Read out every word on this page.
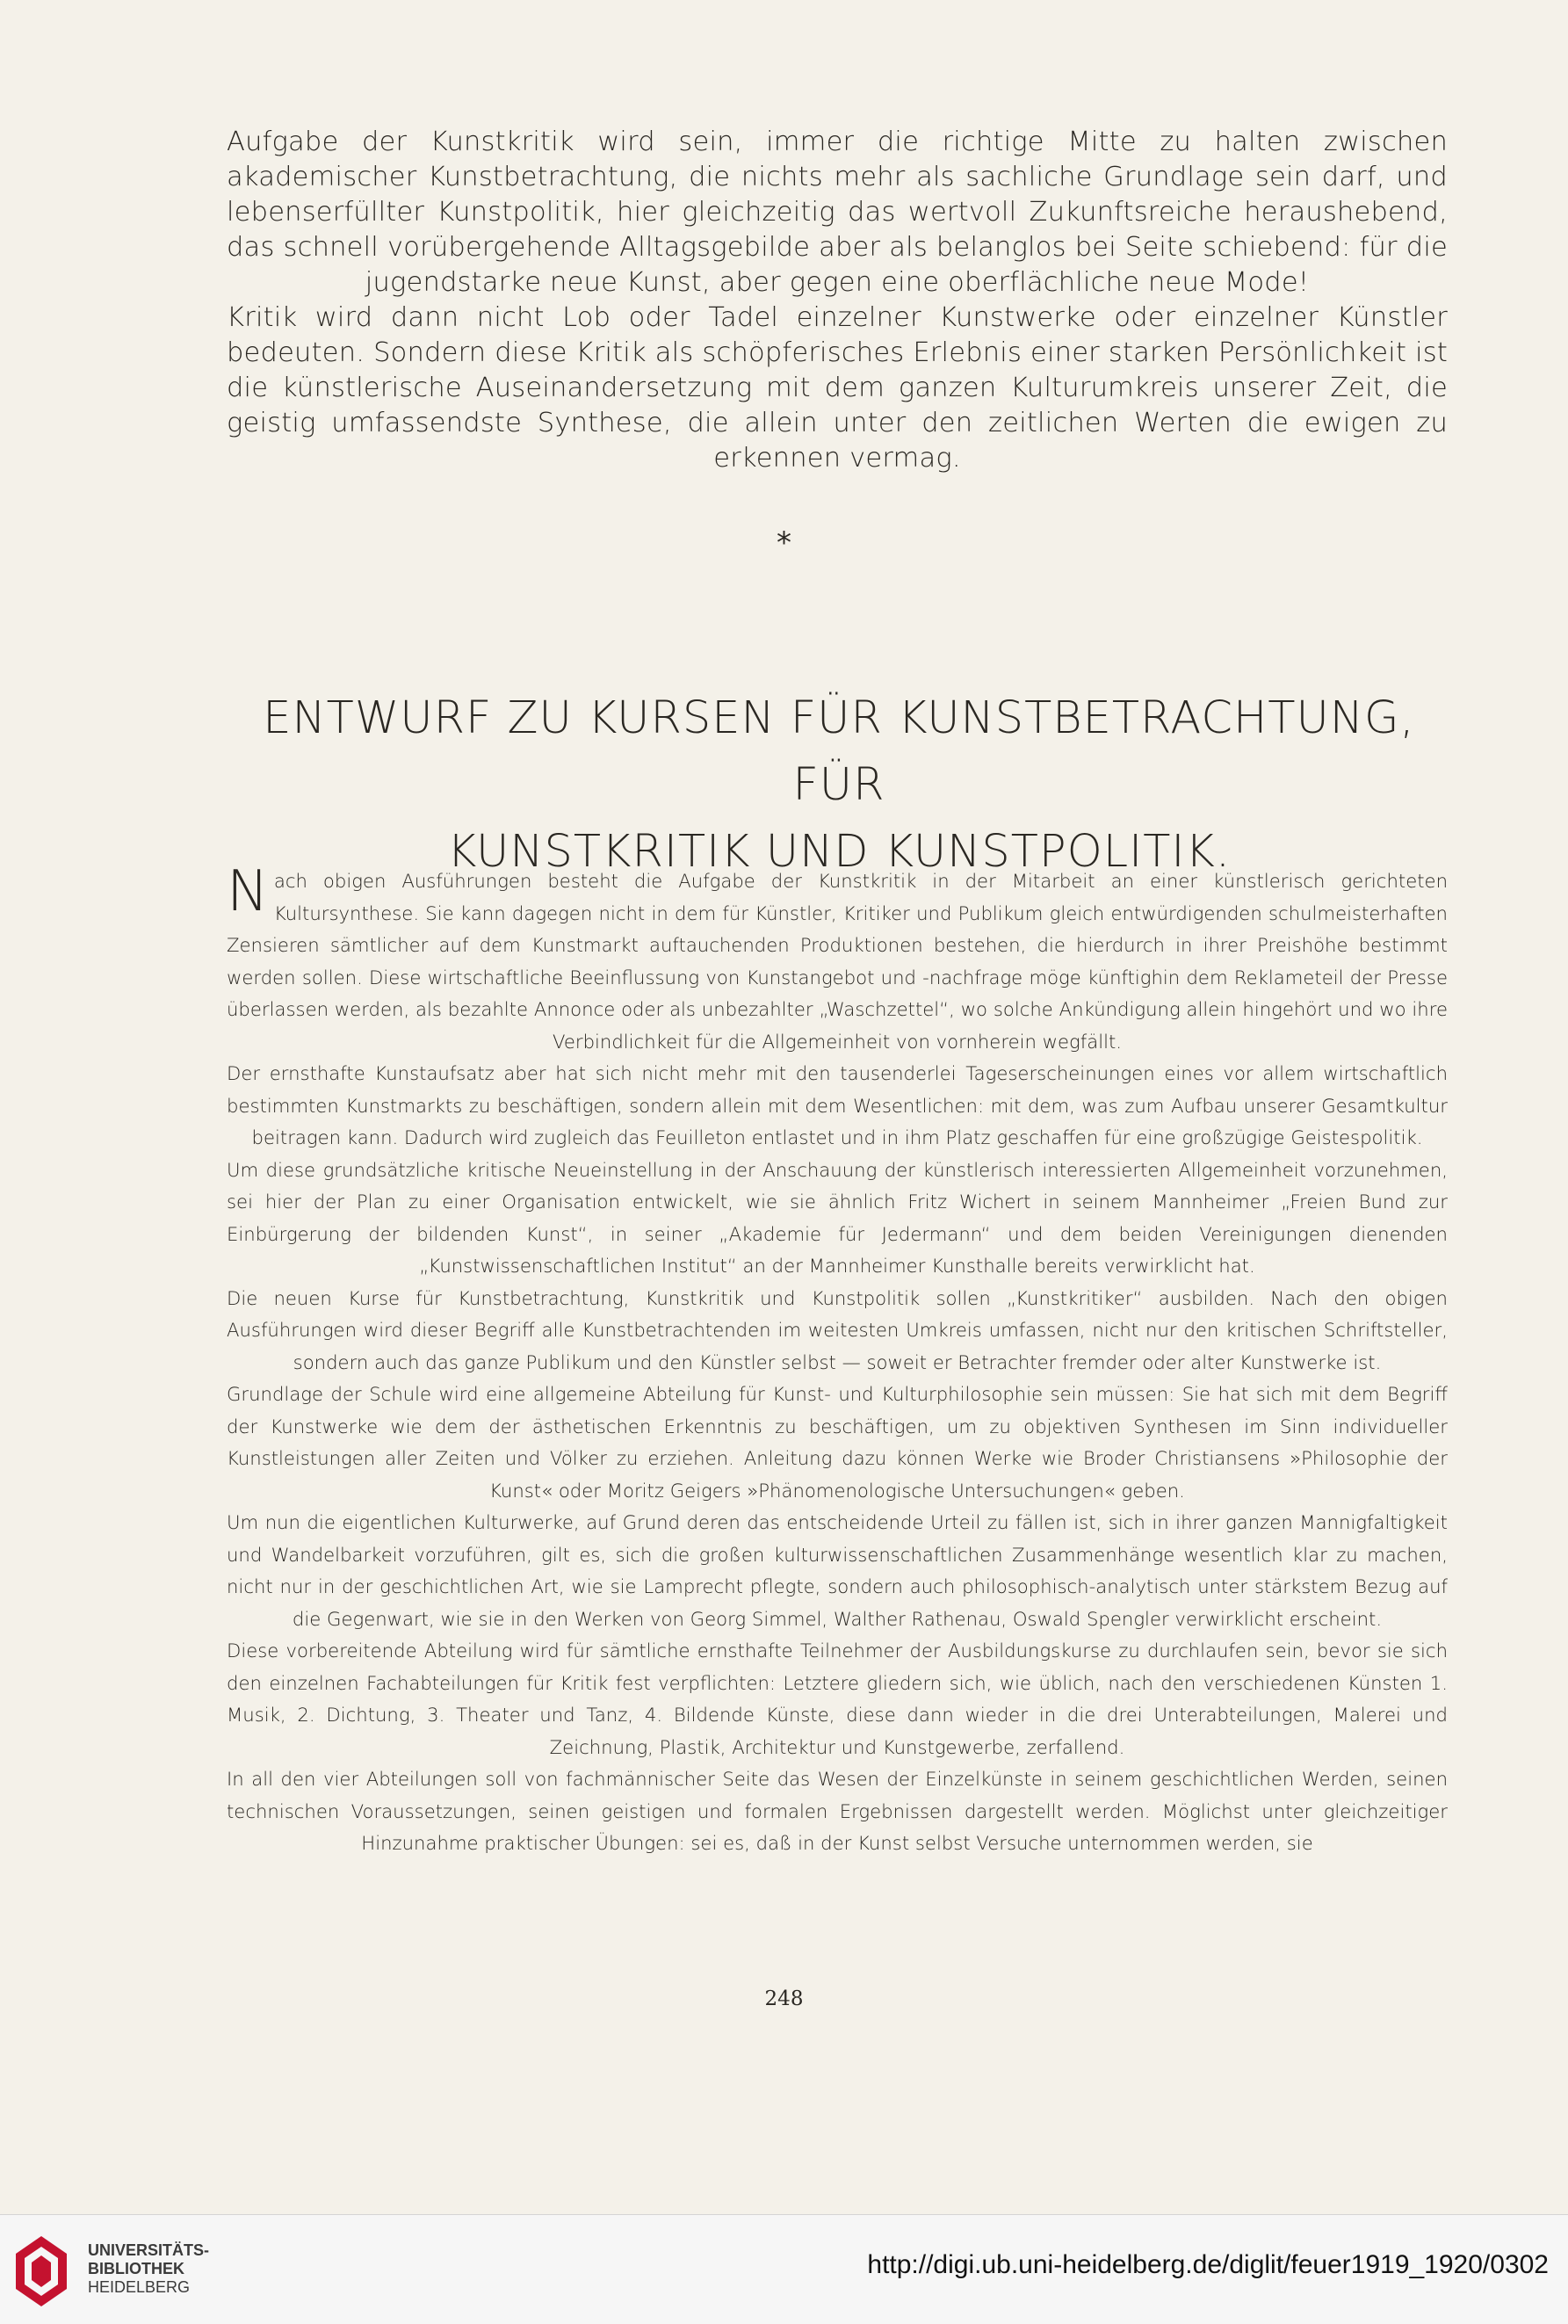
Aufgabe der Kunstkritik wird sein, immer die richtige Mitte zu halten zwischen akademischer Kunstbetrachtung, die nichts mehr als sachliche Grundlage sein darf, und lebenserfüllter Kunstpolitik, hier gleichzeitig das wertvoll Zukunftsreiche heraushebend, das schnell vorübergehende Alltagsgebilde aber als belanglos bei Seite schiebend: für die jugendstarke neue Kunst, aber gegen eine oberflächliche neue Mode!

Kritik wird dann nicht Lob oder Tadel einzelner Kunstwerke oder einzelner Künstler bedeuten. Sondern diese Kritik als schöpferisches Erlebnis einer starken Persönlichkeit ist die künstlerische Auseinandersetzung mit dem ganzen Kulturumkreis unserer Zeit, die geistig umfassendste Synthese, die allein unter den zeitlichen Werten die ewigen zu erkennen vermag.

*
ENTWURF ZU KURSEN FÜR KUNSTBETRACHTUNG, FÜR
KUNSTKRITIK UND KUNSTPOLITIK.

Nach obigen Ausführungen besteht die Aufgabe der Kunstkritik in der Mitarbeit an einer künstlerisch gerichteten Kultursynthese. Sie kann dagegen nicht in dem für Künstler, Kritiker und Publikum gleich entwürdigenden schulmeisterhaften Zensieren sämtlicher auf dem Kunstmarkt auftauchenden Produktionen bestehen, die hierdurch in ihrer Preishöhe bestimmt werden sollen. Diese wirtschaftliche Beeinflussung von Kunstangebot und -nachfrage möge künftighin dem Reklameteil der Presse überlassen werden, als bezahlte Annonce oder als unbezahlter „Waschzettel“, wo solche Ankündigung allein hingehört und wo ihre Verbindlichkeit für die Allgemeinheit von vornherein wegfällt.

Der ernsthafte Kunstaufsatz aber hat sich nicht mehr mit den tausenderlei Tageserscheinungen eines vor allem wirtschaftlich bestimmten Kunstmarkts zu beschäftigen, sondern allein mit dem Wesentlichen: mit dem, was zum Aufbau unserer Gesamtkultur beitragen kann. Dadurch wird zugleich das Feuilleton entlastet und in ihm Platz geschaffen für eine großzügige Geistespolitik.

Um diese grundsätzliche kritische Neueinstellung in der Anschauung der künstlerisch interessierten Allgemeinheit vorzunehmen, sei hier der Plan zu einer Organisation entwickelt, wie sie ähnlich Fritz Wichert in seinem Mannheimer „Freien Bund zur Einbürgerung der bildenden Kunst“, in seiner „Akademie für Jedermann“ und dem beiden Vereinigungen dienenden „Kunstwissenschaftlichen Institut“ an der Mannheimer Kunsthalle bereits verwirklicht hat.

Die neuen Kurse für Kunstbetrachtung, Kunstkritik und Kunstpolitik sollen „Kunstkritiker“ ausbilden. Nach den obigen Ausführungen wird dieser Begriff alle Kunstbetrachtenden im weitesten Umkreis umfassen, nicht nur den kritischen Schriftsteller, sondern auch das ganze Publikum und den Künstler selbst — soweit er Betrachter fremder oder alter Kunstwerke ist.

Grundlage der Schule wird eine allgemeine Abteilung für Kunst- und Kulturphilosophie sein müssen: Sie hat sich mit dem Begriff der Kunstwerke wie dem der ästhetischen Erkenntnis zu beschäftigen, um zu objektiven Synthesen im Sinn individueller Kunstleistungen aller Zeiten und Völker zu erziehen. Anleitung dazu können Werke wie Broder Christiansens »Philosophie der Kunst« oder Moritz Geigers »Phänomenologische Untersuchungen« geben.

Um nun die eigentlichen Kulturwerke, auf Grund deren das entscheidende Urteil zu fällen ist, sich in ihrer ganzen Mannigfaltigkeit und Wandelbarkeit vorzuführen, gilt es, sich die großen kulturwissenschaftlichen Zusammenhänge wesentlich klar zu machen, nicht nur in der geschichtlichen Art, wie sie Lamprecht pflegte, sondern auch philosophisch-analytisch unter stärkstem Bezug auf die Gegenwart, wie sie in den Werken von Georg Simmel, Walther Rathenau, Oswald Spengler verwirklicht erscheint.

Diese vorbereitende Abteilung wird für sämtliche ernsthafte Teilnehmer der Ausbildungskurse zu durchlaufen sein, bevor sie sich den einzelnen Fachabteilungen für Kritik fest verpflichten: Letztere gliedern sich, wie üblich, nach den verschiedenen Künsten 1. Musik, 2. Dichtung, 3. Theater und Tanz, 4. Bildende Künste, diese dann wieder in die drei Unterabteilungen, Malerei und Zeichnung, Plastik, Architektur und Kunstgewerbe, zerfallend.

In all den vier Abteilungen soll von fachmännischer Seite das Wesen der Einzelkünste in seinem geschichtlichen Werden, seinen technischen Voraussetzungen, seinen geistigen und formalen Ergebnissen dargestellt werden. Möglichst unter gleichzeitiger Hinzunahme praktischer Übungen: sei es, daß in der Kunst selbst Versuche unternommen werden, sie

248
UNIVERSITÄTS-
BIBLIOTHEK
HEIDELBERG
http://digi.ub.uni-heidelberg.de/diglit/feuer1919_1920/0302
